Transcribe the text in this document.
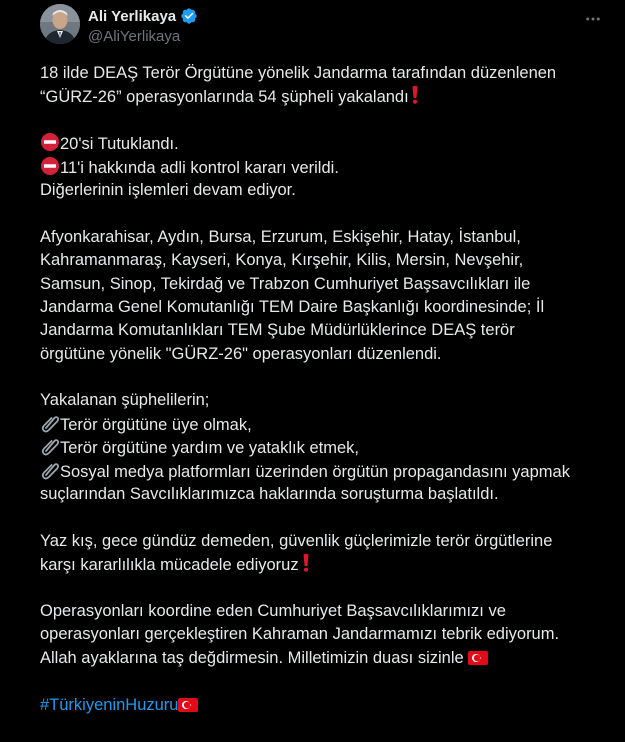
Ali Yerlikaya
@AliYerlikaya
18 ilde DEAŞ Terör Örgütüne yönelik Jandarma tarafından düzenlenen
“GÜRZ-26” operasyonlarında 54 şüpheli yakalandı
20'si Tutuklandı.
11'i hakkında adli kontrol kararı verildi.
Diğerlerinin işlemleri devam ediyor.
Afyonkarahisar, Aydın, Bursa, Erzurum, Eskişehir, Hatay, İstanbul,
Kahramanmaraş, Kayseri, Konya, Kırşehir, Kilis, Mersin, Nevşehir,
Samsun, Sinop, Tekirdağ ve Trabzon Cumhuriyet Başsavcılıkları ile
Jandarma Genel Komutanlığı TEM Daire Başkanlığı koordinesinde; İl
Jandarma Komutanlıkları TEM Şube Müdürlüklerince DEAŞ terör
örgütüne yönelik "GÜRZ-26" operasyonları düzenlendi.
Yakalanan şüphelilerin;
Terör örgütüne üye olmak,
Terör örgütüne yardım ve yataklık etmek,
Sosyal medya platformları üzerinden örgütün propagandasını yapmak
suçlarından Savcılıklarımızca haklarında soruşturma başlatıldı.
Yaz kış, gece gündüz demeden, güvenlik güçlerimizle terör örgütlerine
karşı kararlılıkla mücadele ediyoruz
Operasyonları koordine eden Cumhuriyet Başsavcılıklarımızı ve
operasyonları gerçekleştiren Kahraman Jandarmamızı tebrik ediyorum.
Allah ayaklarına taş değdirmesin. Milletimizin duası sizinle
#TürkiyeninHuzuru
